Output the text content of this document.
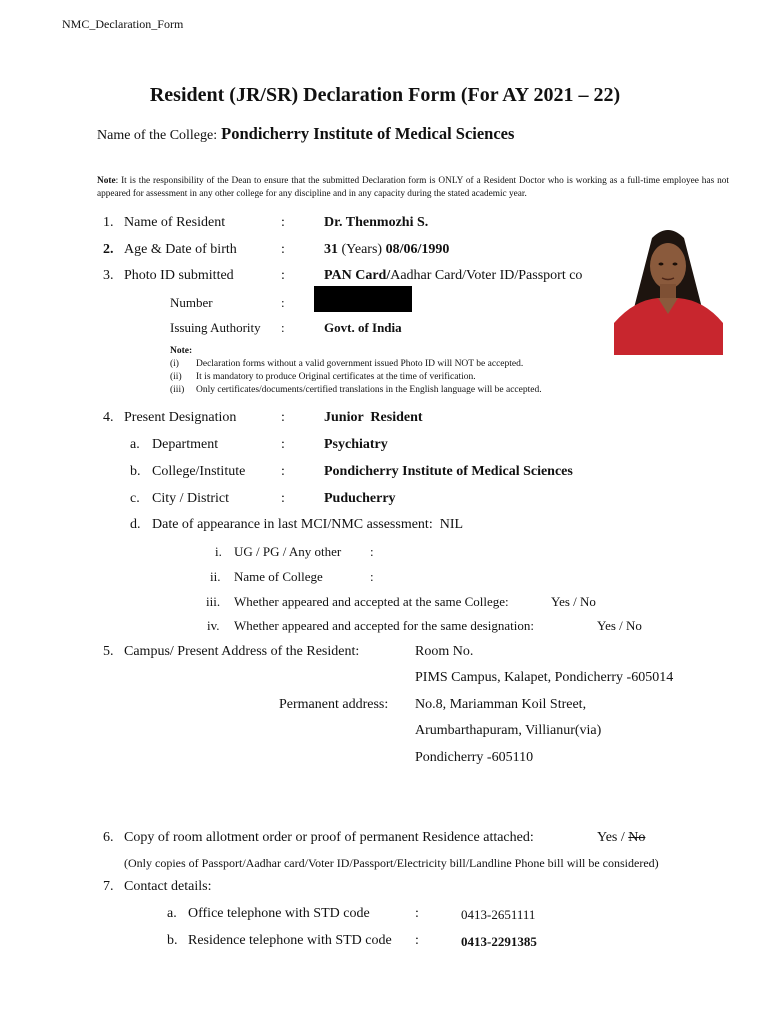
NMC_Declaration_Form
Resident (JR/SR) Declaration Form (For AY 2021 – 22)
Name of the College: Pondicherry Institute of Medical Sciences
Note: It is the responsibility of the Dean to ensure that the submitted Declaration form is ONLY of a Resident Doctor who is working as a full-time employee has not appeared for assessment in any other college for any discipline and in any capacity during the stated academic year.
1. Name of Resident	:	Dr. Thenmozhi S.
2. Age & Date of birth	:	31 (Years) 08/06/1990
3. Photo ID submitted	:	PAN Card/Aadhar Card/Voter ID/Passport co
Number	:
Issuing Authority :	Govt. of India
Note:
(i) Declaration forms without a valid government issued Photo ID will NOT be accepted.
(ii) It is mandatory to produce Original certificates at the time of verification.
(iii) Only certificates/documents/certified translations in the English language will be accepted.
4. Present Designation	:	Junior  Resident
a. Department	:	Psychiatry
b. College/Institute	:	Pondicherry Institute of Medical Sciences
c. City / District	:	Puducherry
d. Date of appearance in last MCI/NMC assessment:  NIL
i. UG / PG / Any other :
ii. Name of College	:
iii. Whether appeared and accepted at the same College:	Yes / No
iv. Whether appeared and accepted for the same designation:	Yes / No
5. Campus/ Present Address of the Resident:	Room No.
PIMS Campus, Kalapet, Pondicherry -605014
Permanent address: No.8, Mariamman Koil Street,
Arumbarthapuram, Villianur(via)
Pondicherry -605110
6. Copy of room allotment order or proof of permanent Residence attached:	Yes / No
(Only copies of Passport/Aadhar card/Voter ID/Passport/Electricity bill/Landline Phone bill will be considered)
7. Contact details:
a. Office telephone with STD code	:	0413-2651111
b. Residence telephone with STD code :	0413-2291385
